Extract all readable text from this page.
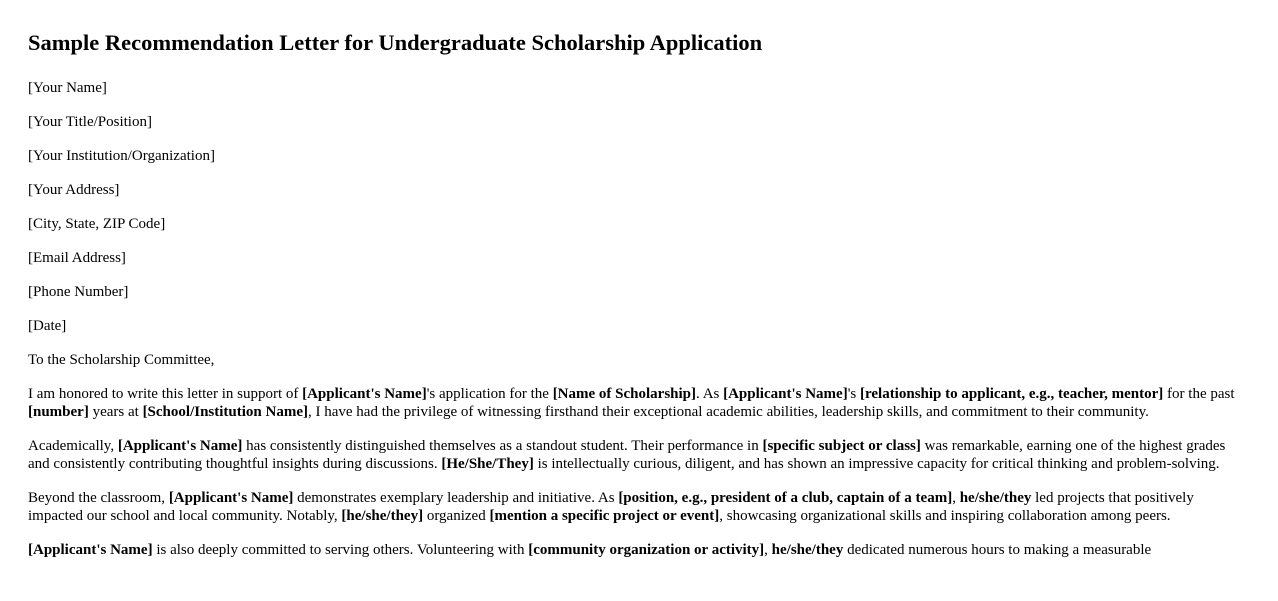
Sample Recommendation Letter for Undergraduate Scholarship Application

[Your Name]

[Your Title/Position]

[Your Institution/Organization]

[Your Address]

[City, State, ZIP Code]

[Email Address]

[Phone Number]

[Date]

To the Scholarship Committee,

I am honored to write this letter in support of [Applicant's Name]'s application for the [Name of Scholarship]. As [Applicant's Name]'s [relationship to applicant, e.g., teacher, mentor] for the past [number] years at [School/Institution Name], I have had the privilege of witnessing firsthand their exceptional academic abilities, leadership skills, and commitment to their community.

Academically, [Applicant's Name] has consistently distinguished themselves as a standout student. Their performance in [specific subject or class] was remarkable, earning one of the highest grades and consistently contributing thoughtful insights during discussions. [He/She/They] is intellectually curious, diligent, and has shown an impressive capacity for critical thinking and problem-solving.

Beyond the classroom, [Applicant's Name] demonstrates exemplary leadership and initiative. As [position, e.g., president of a club, captain of a team], he/she/they led projects that positively impacted our school and local community. Notably, [he/she/they] organized [mention a specific project or event], showcasing organizational skills and inspiring collaboration among peers.

[Applicant's Name] is also deeply committed to serving others. Volunteering with [community organization or activity], he/she/they dedicated numerous hours to making a measurable
